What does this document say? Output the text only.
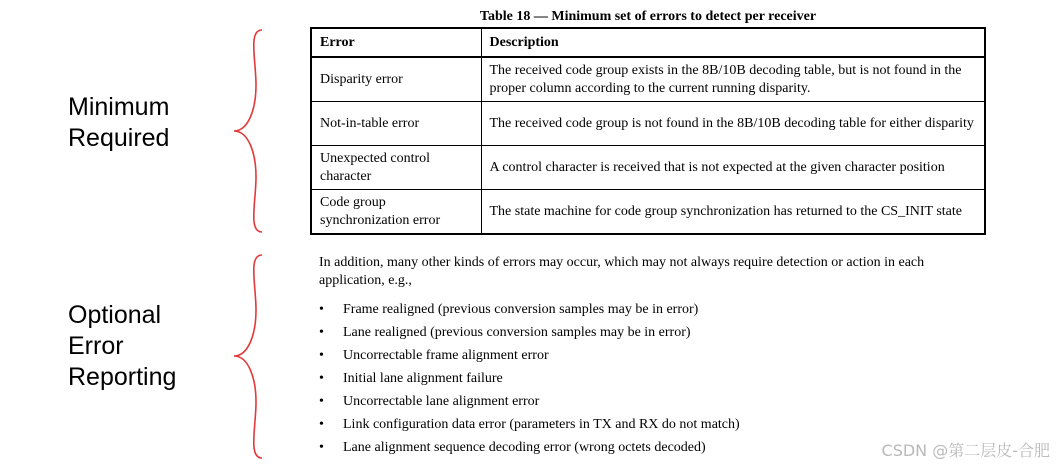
Minimum
Required
Optional
Error
Reporting
Table 18 — Minimum set of errors to detect per receiver
Error	Description
Disparity error	The received code group exists in the 8B/10B decoding table, but is not found in the proper column according to the current running disparity.
Not-in-table error	The received code group is not found in the 8B/10B decoding table for either disparity
Unexpected control character	A control character is received that is not expected at the given character position
Code group synchronization error	The state machine for code group synchronization has returned to the CS_INIT state
In addition, many other kinds of errors may occur, which may not always require detection or action in each application, e.g.,
• Frame realigned (previous conversion samples may be in error)
• Lane realigned (previous conversion samples may be in error)
• Uncorrectable frame alignment error
• Initial lane alignment failure
• Uncorrectable lane alignment error
• Link configuration data error (parameters in TX and RX do not match)
• Lane alignment sequence decoding error (wrong octets decoded)	CSDN @第二层皮-合肥
